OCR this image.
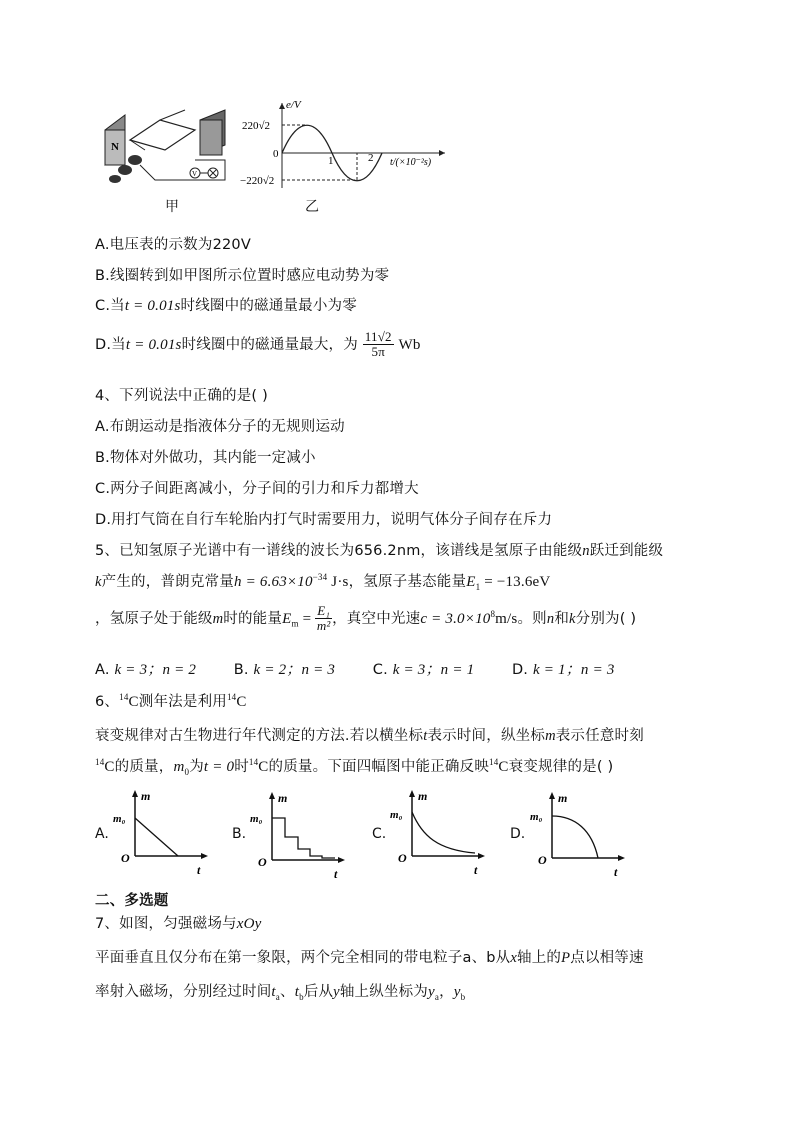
N
V
甲
e/V
220√2
0
−220√2
1	2 t/(×10⁻²s)
乙
A.电压表的示数为220V
B.线圈转到如甲图所示位置时感应电动势为零
C.当t = 0.01s时线圈中的磁通量最小为零
D.当t = 0.01s时线圈中的磁通量最大，为 $\frac{11√2}{5\pi}$ Wb
4、下列说法中正确的是( )
A.布朗运动是指液体分子的无规则运动
B.物体对外做功，其内能一定减小
C.两分子间距离减小，分子间的引力和斥力都增大
D.用打气筒在自行车轮胎内打气时需要用力，说明气体分子间存在斥力
5、已知氢原子光谱中有一谱线的波长为656.2nm，该谱线是氢原子由能级n跃迁到能级
k产生的，普朗克常量$h = 6.63\times 10^{-34}$ J·s，氢原子基态能量$E_1 = -13.6eV$
，氢原子处于能级m时的能量$E_m = \frac{\text{E₁}}{\text{m²}}$ ，真空中光速$c = 3.0\times 10^8m/s$。则n和k分别为( )
A. k = 3；n = 2	B. k = 2；n = 3	C. k = 3；n = 1	D. k = 1；n = 3
6、$^{14}$C测年法是利用$^{14}$C
衰变规律对古生物进行年代测定的方法.若以横坐标t表示时间，纵坐标m表示任意时刻
$^{14}$C的质量，$m_0$为t = 0时$^{14}$C的质量。下面四幅图中能正确反映$^{14}$C衰变规律的是( )
A.
m
m₀
O
t
B.
m
m₀
O
t
C.
m
m₀
O
t
D.
m
m₀
O
t
二、多选题
7、如图，匀强磁场与xOy
平面垂直且仅分布在第一象限，两个完全相同的带电粒子a、b从x轴上的P点以相等速
率射入磁场，分别经过时间$t_a$、$t_b$后从y轴上纵坐标为$y_a$，$y_b$
